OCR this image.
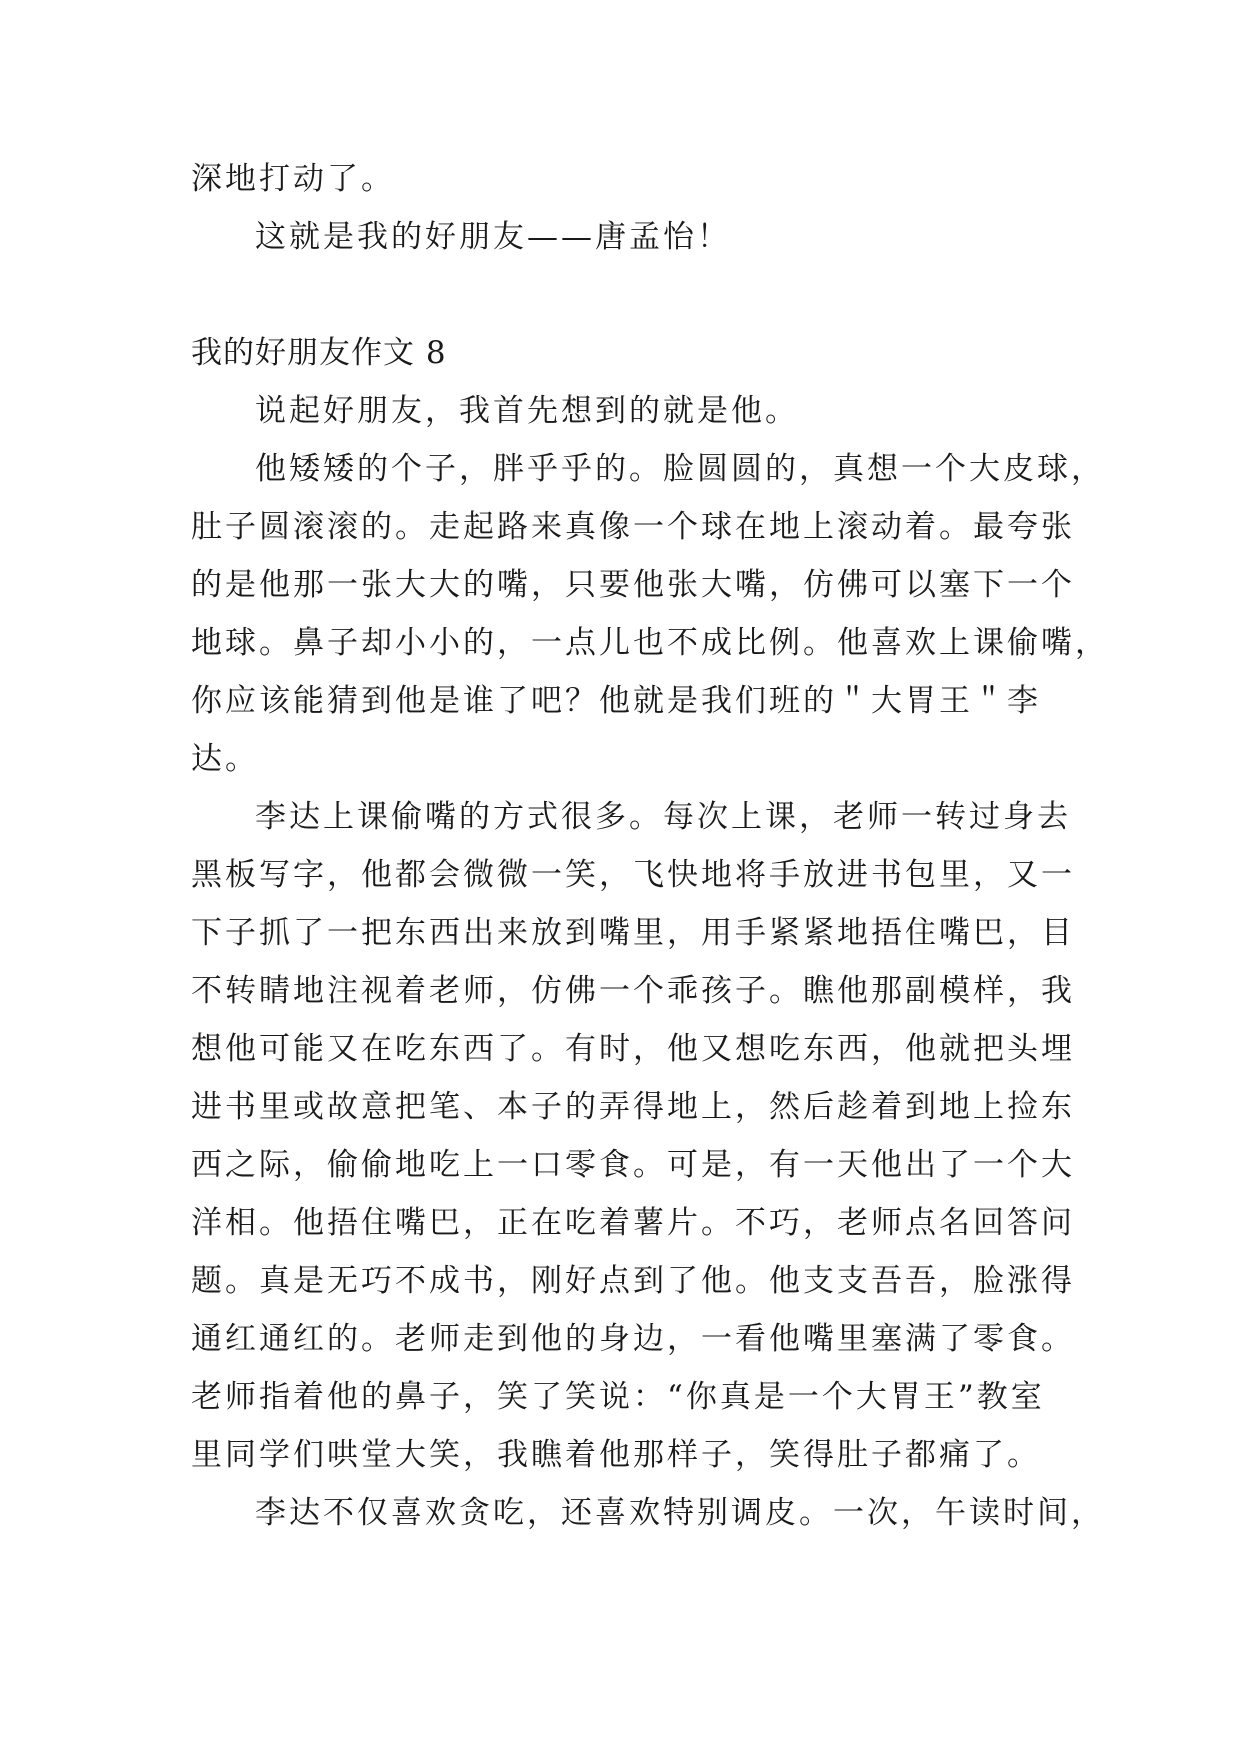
深地打动了。
这就是我的好朋友——唐孟怡！
我的好朋友作文 8
说起好朋友，我首先想到的就是他。
他矮矮的个子，胖乎乎的。脸圆圆的，真想一个大皮球，
肚子圆滚滚的。走起路来真像一个球在地上滚动着。最夸张
的是他那一张大大的嘴，只要他张大嘴，仿佛可以塞下一个
地球。鼻子却小小的，一点儿也不成比例。他喜欢上课偷嘴，
你应该能猜到他是谁了吧？他就是我们班的＂大胃王＂李
达。
李达上课偷嘴的方式很多。每次上课，老师一转过身去
黑板写字，他都会微微一笑，飞快地将手放进书包里，又一
下子抓了一把东西出来放到嘴里，用手紧紧地捂住嘴巴，目
不转睛地注视着老师，仿佛一个乖孩子。瞧他那副模样，我
想他可能又在吃东西了。有时，他又想吃东西，他就把头埋
进书里或故意把笔、本子的弄得地上，然后趁着到地上捡东
西之际，偷偷地吃上一口零食。可是，有一天他出了一个大
洋相。他捂住嘴巴，正在吃着薯片。不巧，老师点名回答问
题。真是无巧不成书，刚好点到了他。他支支吾吾，脸涨得
通红通红的。老师走到他的身边，一看他嘴里塞满了零食。
老师指着他的鼻子，笑了笑说：“你真是一个大胃王”教室
里同学们哄堂大笑，我瞧着他那样子，笑得肚子都痛了。
李达不仅喜欢贪吃，还喜欢特别调皮。一次，午读时间，
